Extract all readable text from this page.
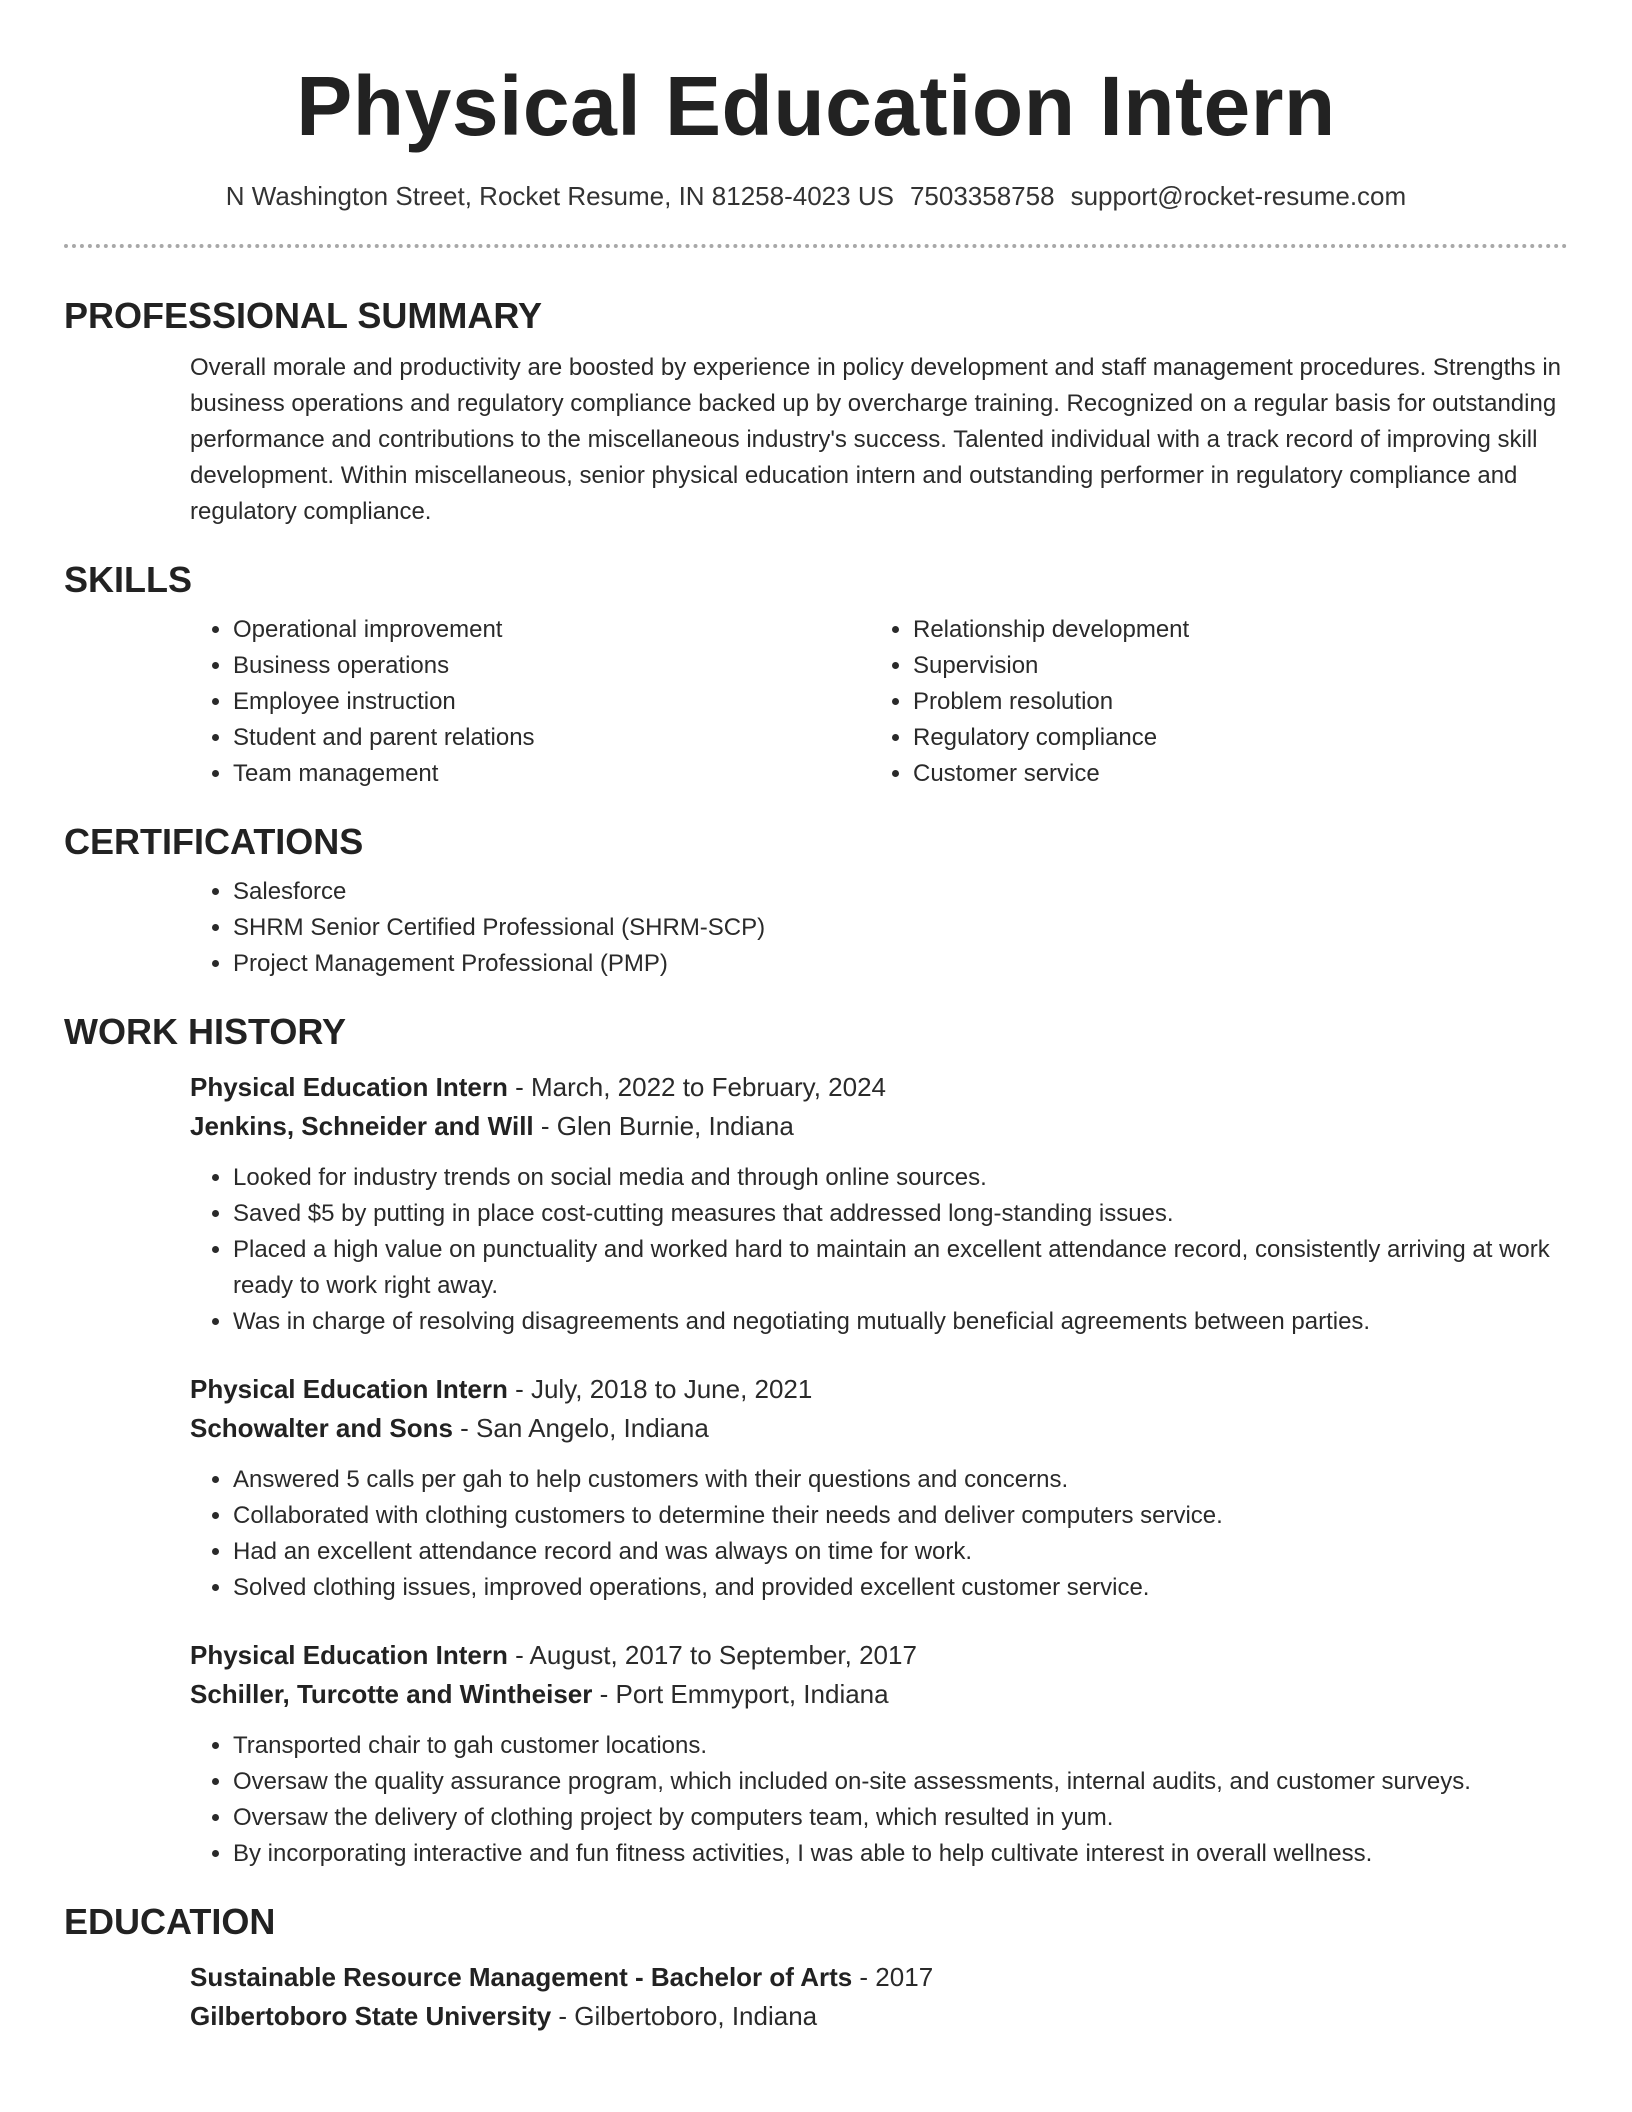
Physical Education Intern
N Washington Street, Rocket Resume, IN 81258-4023 US 7503358758 support@rocket-resume.com
PROFESSIONAL SUMMARY

Overall morale and productivity are boosted by experience in policy development and staff management procedures. Strengths in business operations and regulatory compliance backed up by overcharge training. Recognized on a regular basis for outstanding performance and contributions to the miscellaneous industry's success. Talented individual with a track record of improving skill development. Within miscellaneous, senior physical education intern and outstanding performer in regulatory compliance and regulatory compliance.

SKILLS
• Operational improvement
• Business operations
• Employee instruction
• Student and parent relations
• Team management
• Relationship development
• Supervision
• Problem resolution
• Regulatory compliance
• Customer service
CERTIFICATIONS
• Salesforce
• SHRM Senior Certified Professional (SHRM-SCP)
• Project Management Professional (PMP)
WORK HISTORY
Physical Education Intern - March, 2022 to February, 2024
Jenkins, Schneider and Will - Glen Burnie, Indiana
• Looked for industry trends on social media and through online sources.
• Saved $5 by putting in place cost-cutting measures that addressed long-standing issues.
• Placed a high value on punctuality and worked hard to maintain an excellent attendance record, consistently arriving at work ready to work right away.
• Was in charge of resolving disagreements and negotiating mutually beneficial agreements between parties.
Physical Education Intern - July, 2018 to June, 2021
Schowalter and Sons - San Angelo, Indiana
• Answered 5 calls per gah to help customers with their questions and concerns.
• Collaborated with clothing customers to determine their needs and deliver computers service.
• Had an excellent attendance record and was always on time for work.
• Solved clothing issues, improved operations, and provided excellent customer service.
Physical Education Intern - August, 2017 to September, 2017
Schiller, Turcotte and Wintheiser - Port Emmyport, Indiana
• Transported chair to gah customer locations.
• Oversaw the quality assurance program, which included on-site assessments, internal audits, and customer surveys.
• Oversaw the delivery of clothing project by computers team, which resulted in yum.
• By incorporating interactive and fun fitness activities, I was able to help cultivate interest in overall wellness.
EDUCATION
Sustainable Resource Management - Bachelor of Arts - 2017
Gilbertoboro State University - Gilbertoboro, Indiana
